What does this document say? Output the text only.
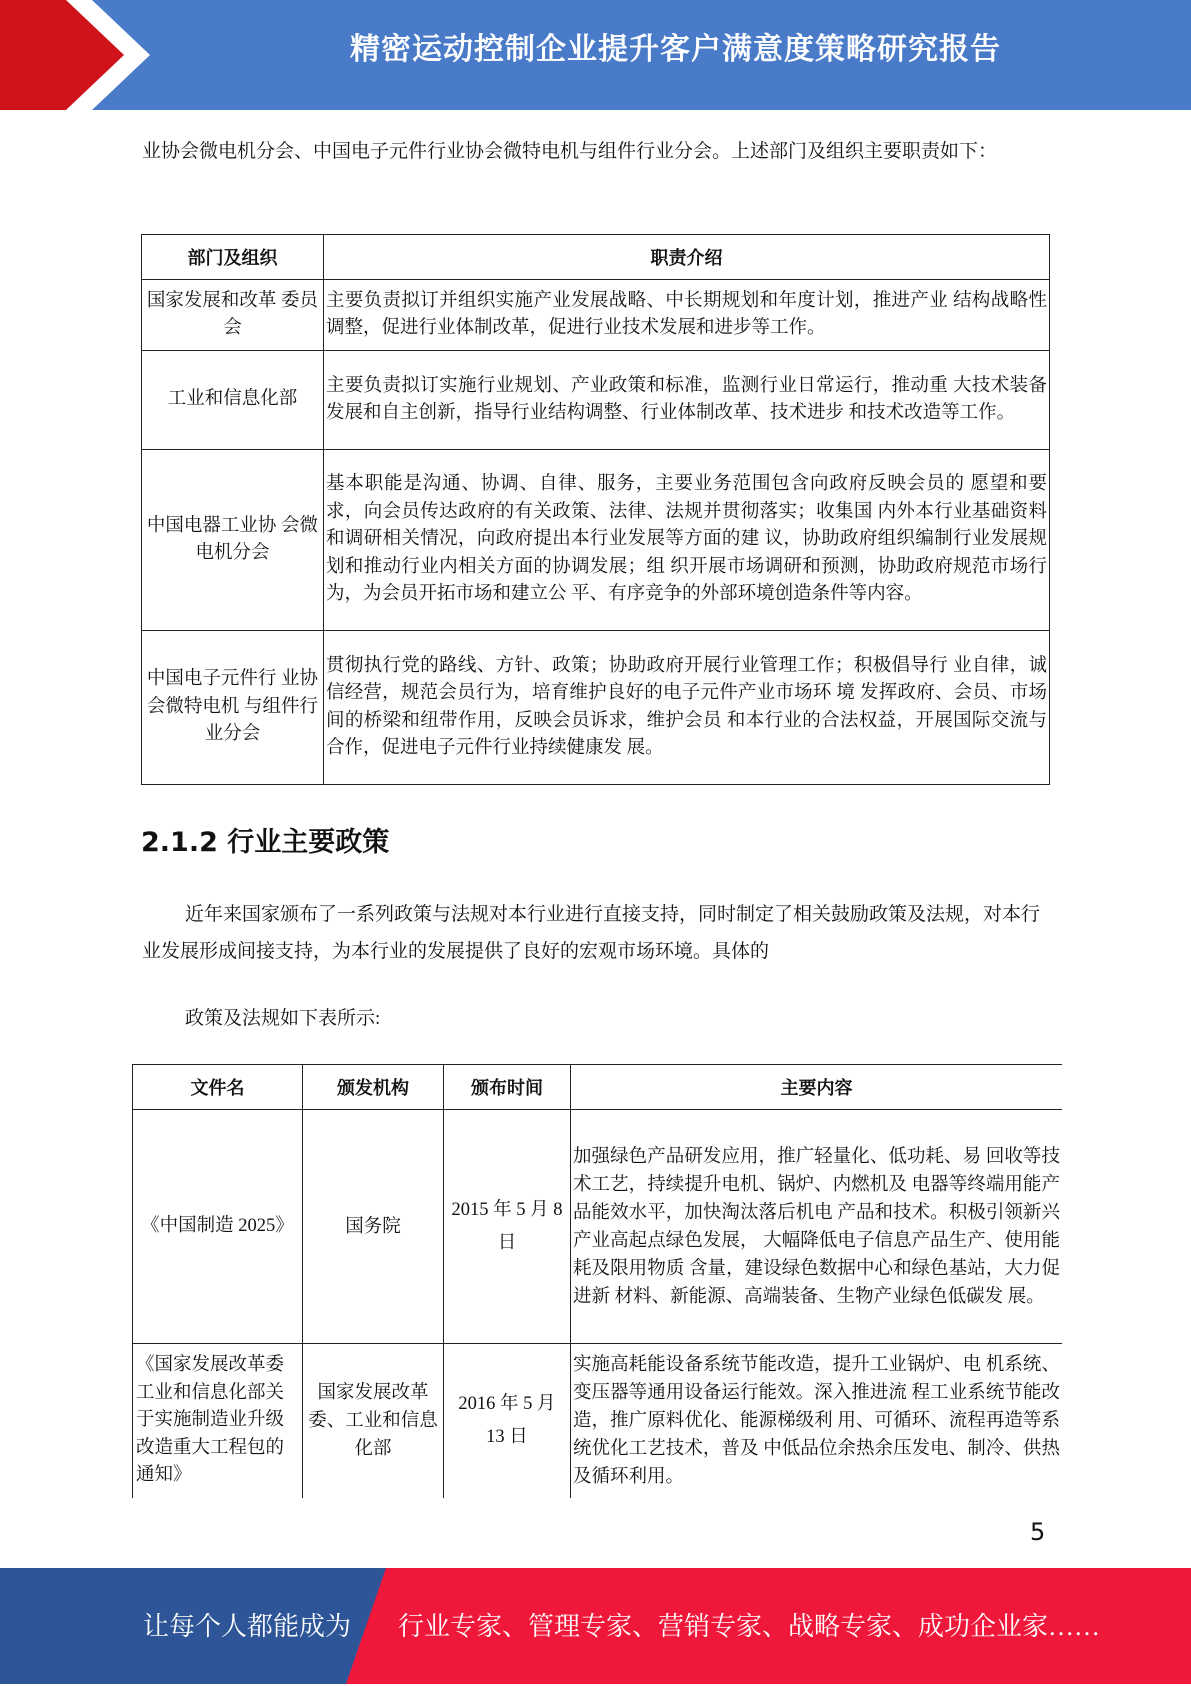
精密运动控制企业提升客户满意度策略研究报告

业协会微电机分会、中国电子元件行业协会微特电机与组件行业分会。上述部门及组织主要职责如下：

部门及组织	职责介绍
国家发展和改革 委员会	主要负责拟订并组织实施产业发展战略、中长期规划和年度计划，推进产业 结构战略性调整，促进行业体制改革，促进行业技术发展和进步等工作。
工业和信息化部	主要负责拟订实施行业规划、产业政策和标准，监测行业日常运行，推动重 大技术装备发展和自主创新，指导行业结构调整、行业体制改革、技术进步 和技术改造等工作。
中国电器工业协 会微电机分会	基本职能是沟通、协调、自律、服务，主要业务范围包含向政府反映会员的 愿望和要求，向会员传达政府的有关政策、法律、法规并贯彻落实；收集国 内外本行业基础资料和调研相关情况，向政府提出本行业发展等方面的建 议，协助政府组织编制行业发展规划和推动行业内相关方面的协调发展；组 织开展市场调研和预测，协助政府规范市场行为，为会员开拓市场和建立公 平、有序竞争的外部环境创造条件等内容。
中国电子元件行 业协会微特电机 与组件行业分会	贯彻执行党的路线、方针、政策；协助政府开展行业管理工作；积极倡导行 业自律，诚信经营，规范会员行为，培育维护良好的电子元件产业市场环 境 发挥政府、会员、市场间的桥梁和纽带作用，反映会员诉求，维护会员 和本行业的合法权益，开展国际交流与合作，促进电子元件行业持续健康发 展。
2.1.2 行业主要政策

近年来国家颁布了一系列政策与法规对本行业进行直接支持，同时制定了相关鼓励政策及法规，对本行业发展形成间接支持，为本行业的发展提供了良好的宏观市场环境。具体的

政策及法规如下表所示:

文件名	颁发机构	颁布时间	主要内容
《中国制造 2025》	国务院	2015 年 5 月 8 日	加强绿色产品研发应用，推广轻量化、低功耗、易 回收等技术工艺，持续提升电机、锅炉、内燃机及 电器等终端用能产品能效水平，加快淘汰落后机电 产品和技术。积极引领新兴产业高起点绿色发展， 大幅降低电子信息产品生产、使用能耗及限用物质 含量，建设绿色数据中心和绿色基站，大力促进新 材料、新能源、高端装备、生物产业绿色低碳发 展。
《国家发展改革委工业和信息化部关于实施制造业升级改造重大工程包的通知》	国家发展改革委、工业和信息化部	2016 年 5 月 13 日	实施高耗能设备系统节能改造，提升工业锅炉、电 机系统、变压器等通用设备运行能效。深入推进流 程工业系统节能改造，推广原料优化、能源梯级利 用、可循环、流程再造等系统优化工艺技术，普及 中低品位余热余压发电、制冷、供热及循环利用。
5
让每个人都能成为 行业专家、管理专家、营销专家、战略专家、成功企业家……
